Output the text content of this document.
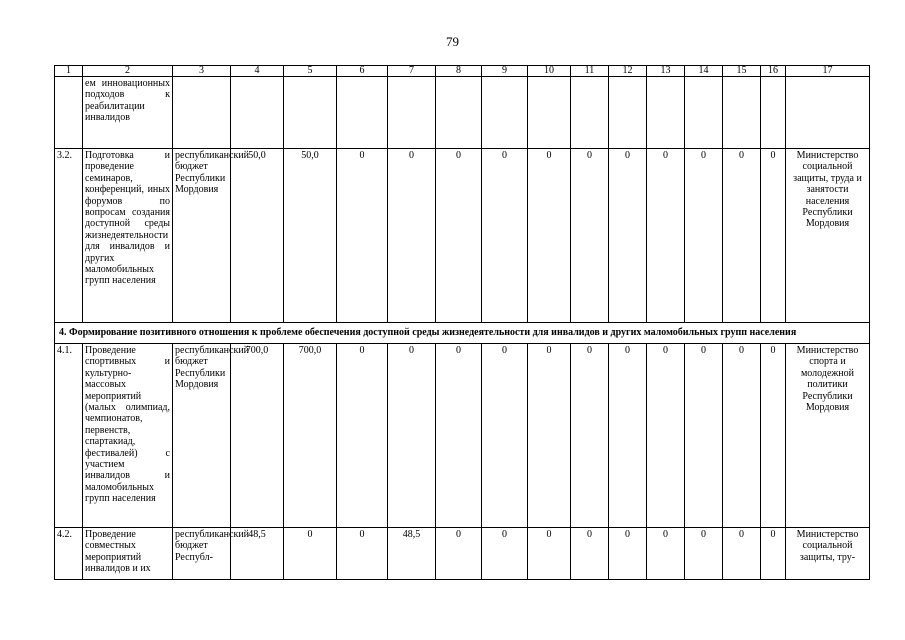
79
1	2	3	4	5	6	7	8	9	10	11	12	13	14	15	16	17
	ем инновационных подходов к реабилитации инвалидов															
3.2.	Подготовка и проведение семинаров, конференций, иных форумов по вопросам создания доступной среды жизнедеятельности для инвалидов и других маломобильных групп населения	республиканский бюджет Республики Мордовия	50,0	50,0	0	0	0	0	0	0	0	0	0	0	0	Министерство социальной защиты, труда и занятости населения Республики Мордовия
4. Формирование позитивного отношения к проблеме обеспечения доступной среды жизнедеятельности для инвалидов и других маломобильных групп населения																
4.1.	Проведение спортивных и культурно-массовых мероприятий (малых олимпиад, чемпионатов, первенств, спартакиад, фестивалей) с участием инвалидов и маломобильных групп населения	республиканский бюджет Республики Мордовия	700,0	700,0	0	0	0	0	0	0	0	0	0	0	0	Министерство спорта и молодежной политики Республики Мордовия
4.2.	Проведение совместных мероприятий инвалидов и их	республиканский бюджет Республ-	48,5	0	0	48,5	0	0	0	0	0	0	0	0	0	Министерство социальной защиты, тру-
